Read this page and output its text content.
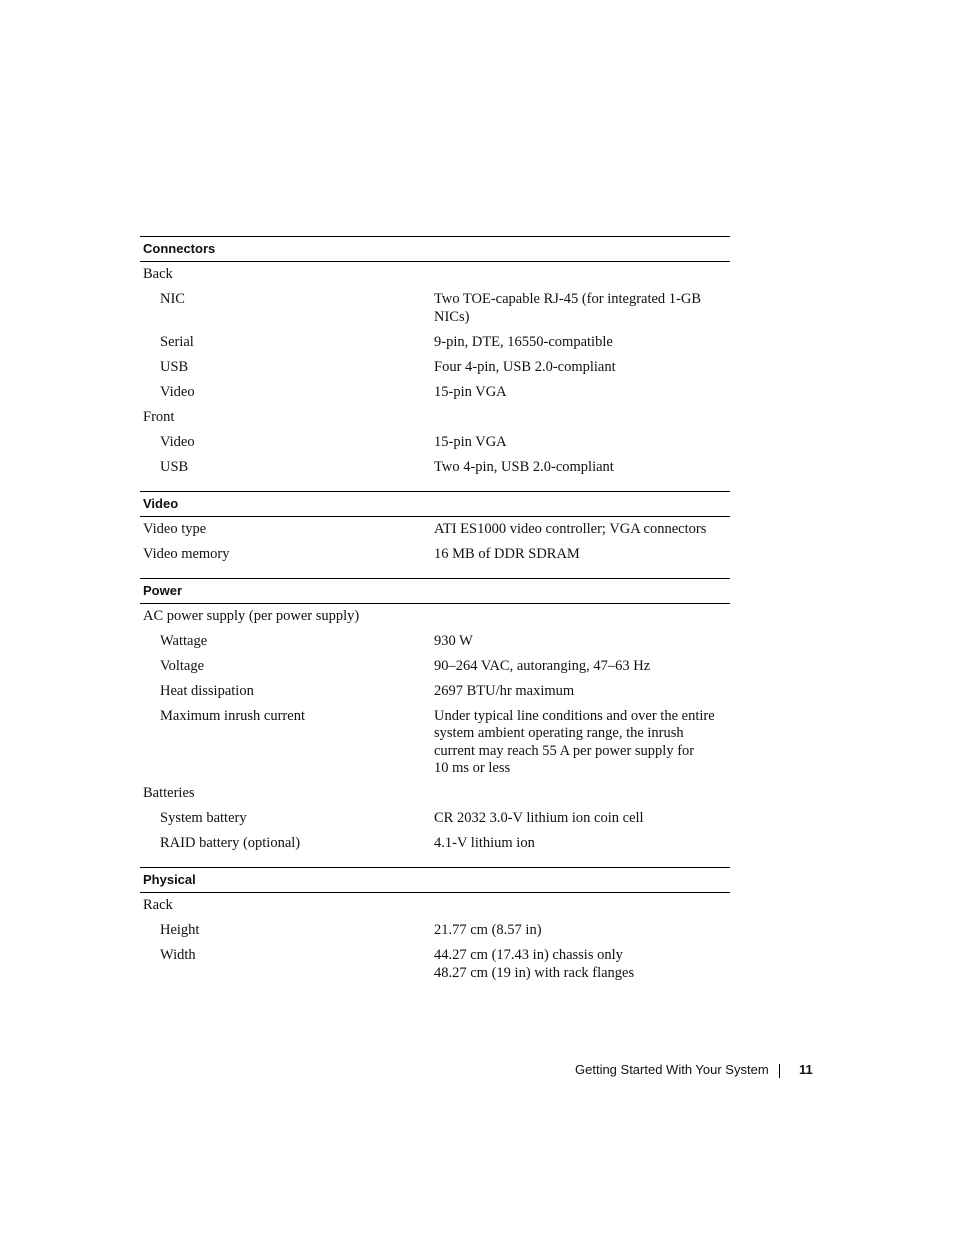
Connectors
Back
NIC	Two TOE-capable RJ-45 (for integrated 1-GB
NICs)
Serial	9-pin, DTE, 16550-compatible
USB	Four 4-pin, USB 2.0-compliant
Video	15-pin VGA
Front
Video	15-pin VGA
USB	Two 4-pin, USB 2.0-compliant
Video
Video type	ATI ES1000 video controller; VGA connectors
Video memory	16 MB of DDR SDRAM
Power
AC power supply (per power supply)
Wattage	930 W
Voltage	90–264 VAC, autoranging, 47–63 Hz
Heat dissipation	2697 BTU/hr maximum
Maximum inrush current	Under typical line conditions and over the entire
system ambient operating range, the inrush
current may reach 55 A per power supply for
10 ms or less
Batteries
System battery	CR 2032 3.0-V lithium ion coin cell
RAID battery (optional)	4.1-V lithium ion
Physical
Rack
Height	21.77 cm (8.57 in)
Width	44.27 cm (17.43 in) chassis only
48.27 cm (19 in) with rack flanges
Getting Started With Your System 11
